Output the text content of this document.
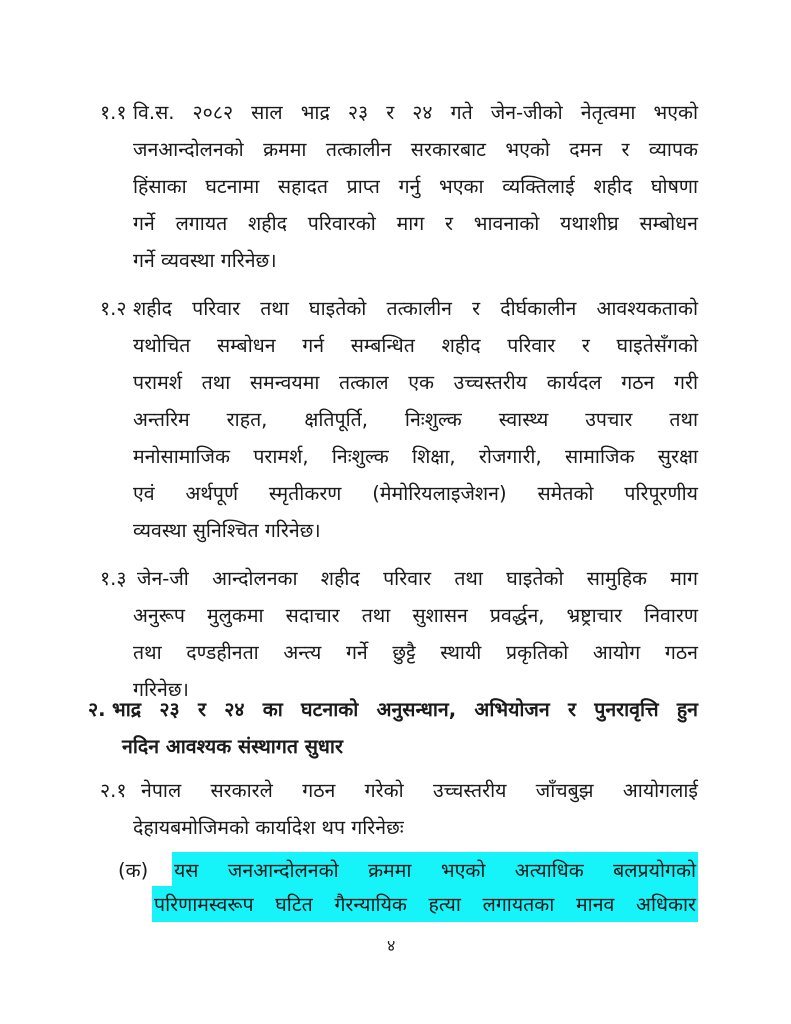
१.१ वि.स. २०८२ साल भाद्र २३ र २४ गते जेन-जीको नेतृत्वमा भएको
जनआन्दोलनको क्रममा तत्कालीन सरकारबाट भएको दमन र व्यापक
हिंसाका घटनामा सहादत प्राप्त गर्नु भएका व्यक्तिलाई शहीद घोषणा
गर्ने लगायत शहीद परिवारको माग र भावनाको यथाशीघ्र सम्बोधन
गर्ने व्यवस्था गरिनेछ।
१.२ शहीद परिवार तथा घाइतेको तत्कालीन र दीर्घकालीन आवश्यकताको
यथोचित सम्बोधन गर्न सम्बन्धित शहीद परिवार र घाइतेसँगको
परामर्श तथा समन्वयमा तत्काल एक उच्चस्तरीय कार्यदल गठन गरी
अन्तरिम राहत, क्षतिपूर्ति, निःशुल्क स्वास्थ्य उपचार तथा
मनोसामाजिक परामर्श, निःशुल्क शिक्षा, रोजगारी, सामाजिक सुरक्षा
एवं अर्थपूर्ण स्मृतीकरण (मेमोरियलाइजेशन) समेतको परिपूरणीय
व्यवस्था सुनिश्चित गरिनेछ।
१.३ जेन-जी आन्दोलनका शहीद परिवार तथा घाइतेको सामुहिक माग
अनुरूप मुलुकमा सदाचार तथा सुशासन प्रवर्द्धन, भ्रष्ट्राचार निवारण
तथा दण्डहीनता अन्त्य गर्ने छुट्टै स्थायी प्रकृतिको आयोग गठन
गरिनेछ।
२. भाद्र २३ र २४ का घटनाको अनुसन्धान, अभियोजन र पुनरावृत्ति हुन
नदिन आवश्यक संस्थागत सुधार
२.१ नेपाल सरकारले गठन गरेको उच्चस्तरीय जाँचबुझ आयोगलाई
देहायबमोजिमको कार्यादेश थप गरिनेछः
(क) यस जनआन्दोलनको क्रममा भएको अत्याधिक बलप्रयोगको
परिणामस्वरूप घटित गैरन्यायिक हत्या लगायतका मानव अधिकार
४
